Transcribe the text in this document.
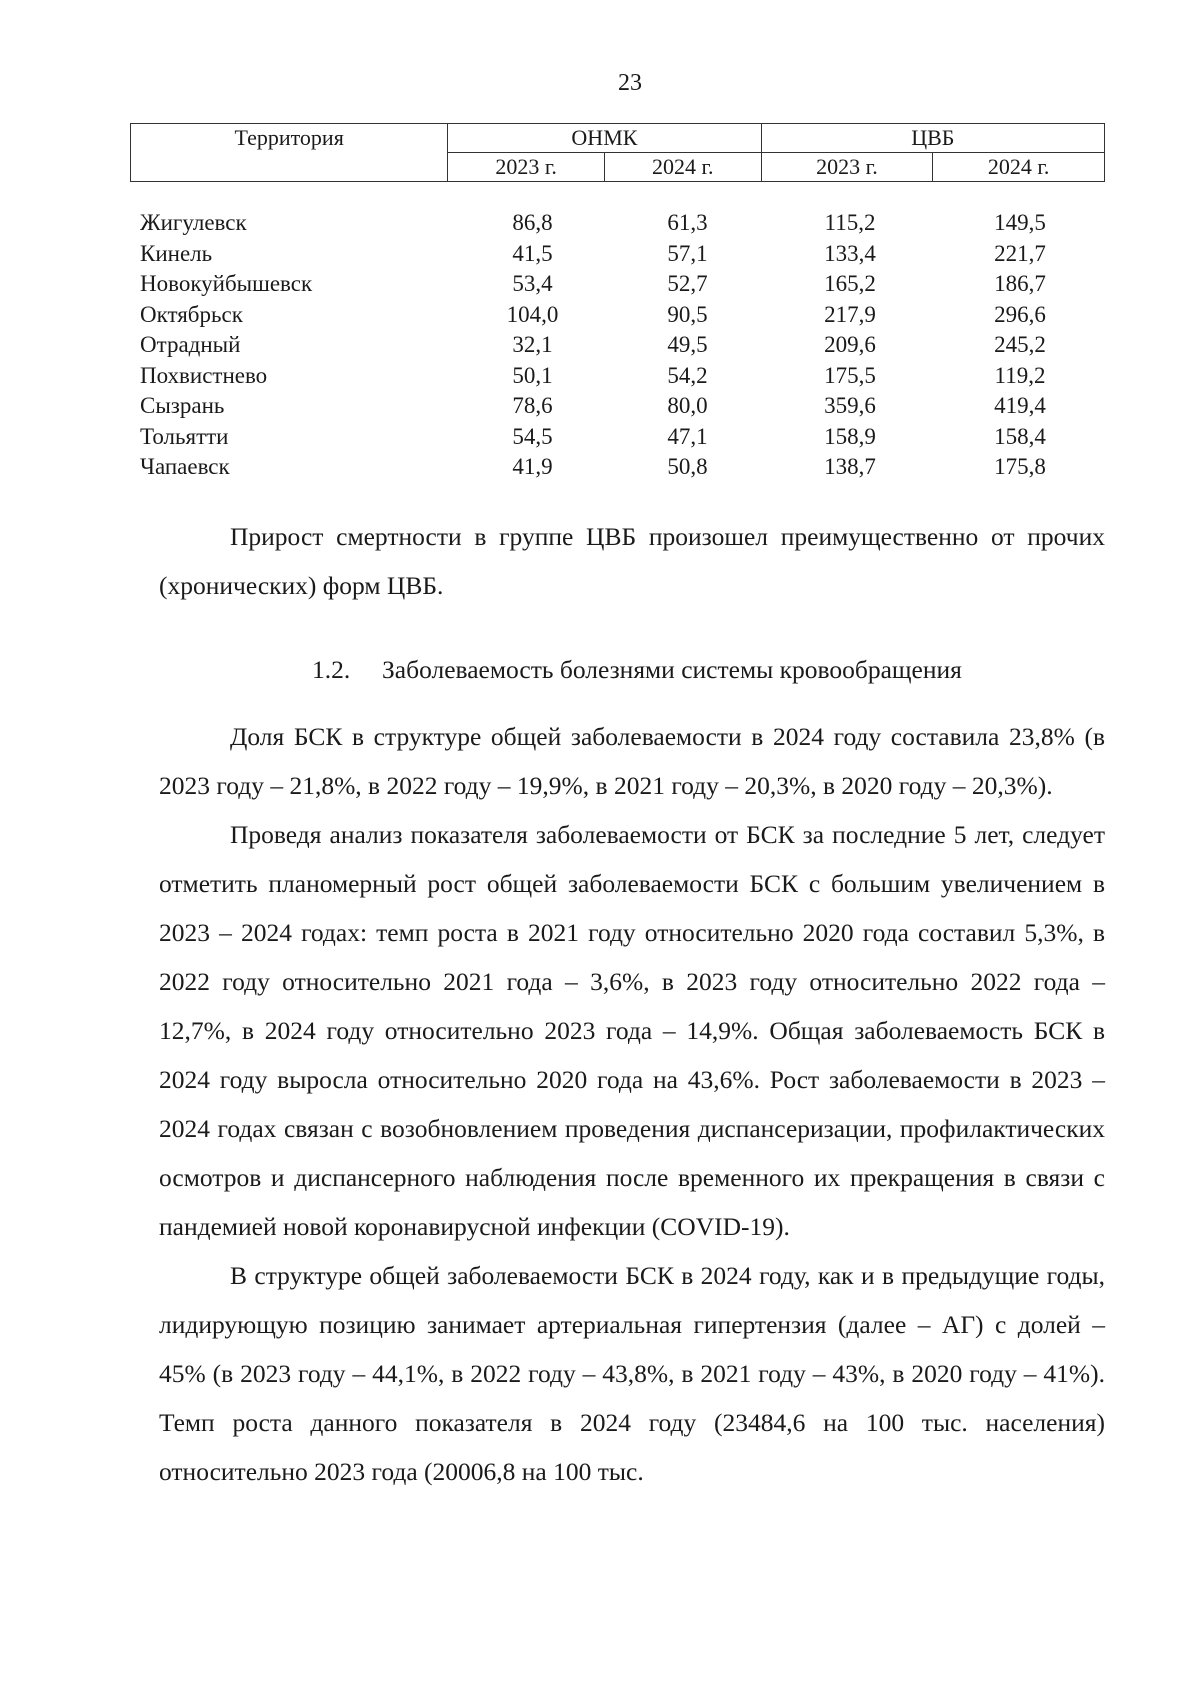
23
Территория	ОНМК		ЦВБ	
	2023 г.	2024 г.	2023 г.	2024 г.
Жигулевск	86,8	61,3	115,2	149,5
Кинель	41,5	57,1	133,4	221,7
Новокуйбышевск	53,4	52,7	165,2	186,7
Октябрьск	104,0	90,5	217,9	296,6
Отрадный	32,1	49,5	209,6	245,2
Похвистнево	50,1	54,2	175,5	119,2
Сызрань	78,6	80,0	359,6	419,4
Тольятти	54,5	47,1	158,9	158,4
Чапаевск	41,9	50,8	138,7	175,8

Прирост смертности в группе ЦВБ произошел преимущественно от прочих (хронических) форм ЦВБ.

1.2. Заболеваемость болезнями системы кровообращения

Доля БСК в структуре общей заболеваемости в 2024 году составила 23,8% (в 2023 году – 21,8%, в 2022 году – 19,9%, в 2021 году – 20,3%, в 2020 году – 20,3%).

Проведя анализ показателя заболеваемости от БСК за последние 5 лет, следует отметить планомерный рост общей заболеваемости БСК с большим увеличением в 2023 – 2024 годах: темп роста в 2021 году относительно 2020 года составил 5,3%, в 2022 году относительно 2021 года – 3,6%, в 2023 году относительно 2022 года – 12,7%, в 2024 году относительно 2023 года – 14,9%. Общая заболеваемость БСК в 2024 году выросла относительно 2020 года на 43,6%. Рост заболеваемости в 2023 – 2024 годах связан с возобновлением проведения диспансеризации, профилактических осмотров и диспансерного наблюдения после временного их прекращения в связи с пандемией новой коронавирусной инфекции (COVID-19).

В структуре общей заболеваемости БСК в 2024 году, как и в предыдущие годы, лидирующую позицию занимает артериальная гипертензия (далее – АГ) с долей – 45% (в 2023 году – 44,1%, в 2022 году – 43,8%, в 2021 году – 43%, в 2020 году – 41%). Темп роста данного показателя в 2024 году (23484,6 на 100 тыс. населения) относительно 2023 года (20006,8 на 100 тыс.
